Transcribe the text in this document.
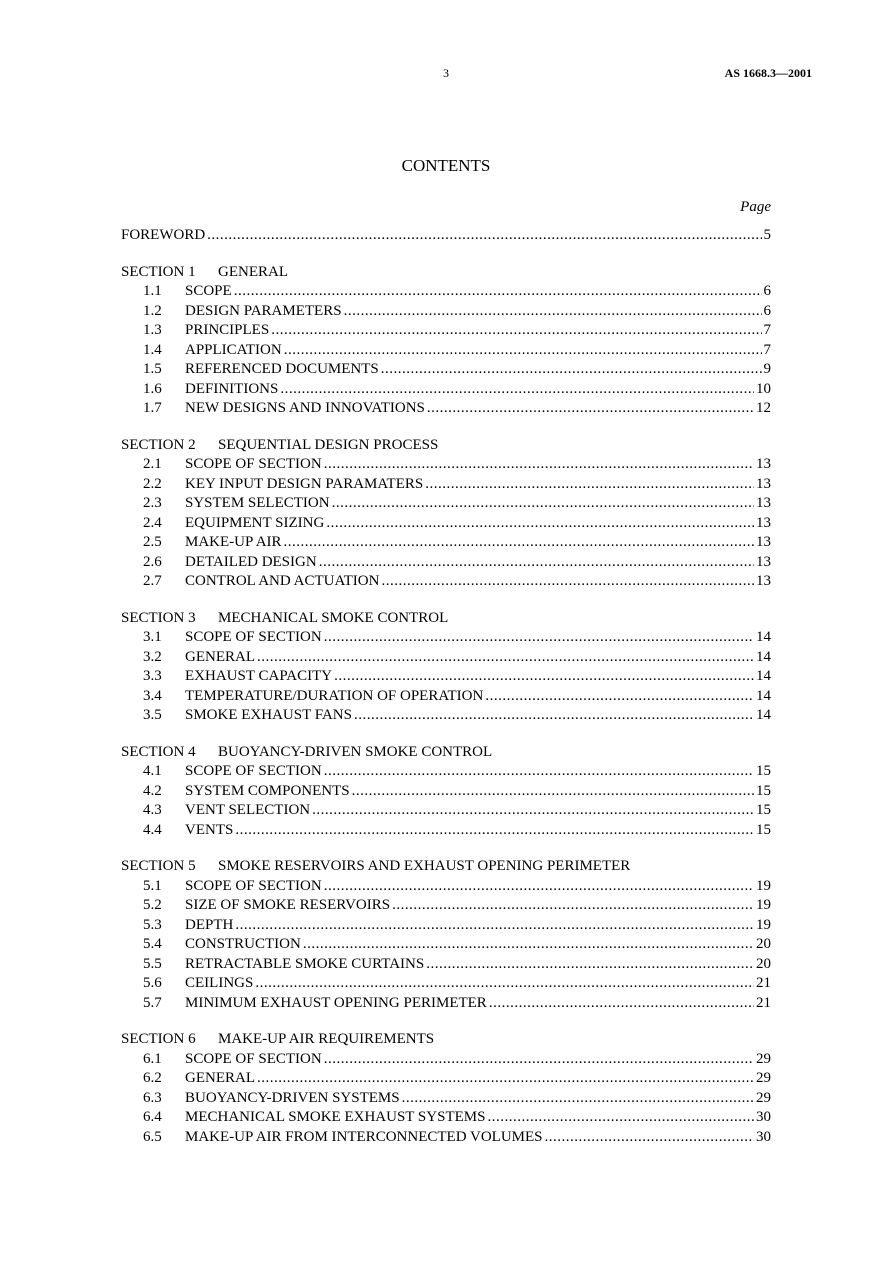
3	AS 1668.3—2001
CONTENTS
Page
FOREWORD .....	5
SECTION 1 GENERAL
1.1	SCOPE .....	6
1.2	DESIGN PARAMETERS .....	6
1.3	PRINCIPLES .....	7
1.4	APPLICATION .....	7
1.5	REFERENCED DOCUMENTS .....	9
1.6	DEFINITIONS .....	10
1.7	NEW DESIGNS AND INNOVATIONS .....	12
SECTION 2 SEQUENTIAL DESIGN PROCESS
2.1	SCOPE OF SECTION .....	13
2.2	KEY INPUT DESIGN PARAMATERS .....	13
2.3	SYSTEM SELECTION .....	13
2.4	EQUIPMENT SIZING .....	13
2.5	MAKE-UP AIR .....	13
2.6	DETAILED DESIGN .....	13
2.7	CONTROL AND ACTUATION .....	13
SECTION 3 MECHANICAL SMOKE CONTROL
3.1	SCOPE OF SECTION .....	14
3.2	GENERAL .....	14
3.3	EXHAUST CAPACITY .....	14
3.4	TEMPERATURE/DURATION OF OPERATION .....	14
3.5	SMOKE EXHAUST FANS .....	14
SECTION 4 BUOYANCY-DRIVEN SMOKE CONTROL
4.1	SCOPE OF SECTION .....	15
4.2	SYSTEM COMPONENTS .....	15
4.3	VENT SELECTION .....	15
4.4	VENTS .....	15
SECTION 5 SMOKE RESERVOIRS AND EXHAUST OPENING PERIMETER
5.1	SCOPE OF SECTION .....	19
5.2	SIZE OF SMOKE RESERVOIRS .....	19
5.3	DEPTH .....	19
5.4	CONSTRUCTION .....	20
5.5	RETRACTABLE SMOKE CURTAINS .....	20
5.6	CEILINGS .....	21
5.7	MINIMUM EXHAUST OPENING PERIMETER .....	21
SECTION 6 MAKE-UP AIR REQUIREMENTS
6.1	SCOPE OF SECTION .....	29
6.2	GENERAL .....	29
6.3	BUOYANCY-DRIVEN SYSTEMS .....	29
6.4	MECHANICAL SMOKE EXHAUST SYSTEMS .....	30
6.5	MAKE-UP AIR FROM INTERCONNECTED VOLUMES .....	30
